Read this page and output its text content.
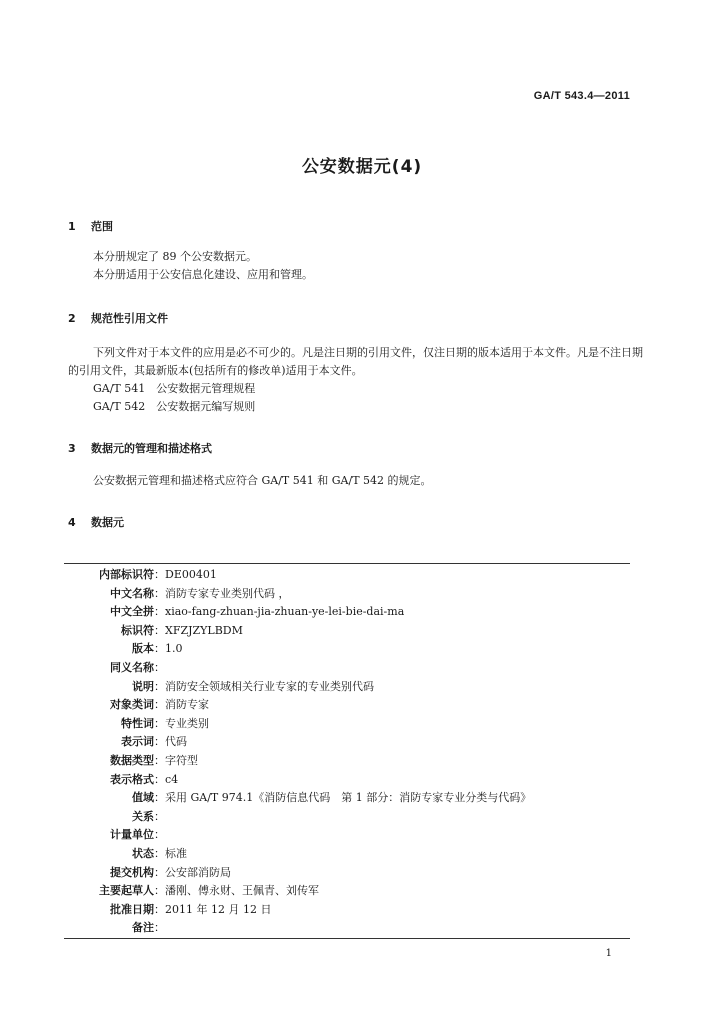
GA/T 543.4—2011
公安数据元(4)
1 范围
本分册规定了 89 个公安数据元。
本分册适用于公安信息化建设、应用和管理。
2 规范性引用文件
下列文件对于本文件的应用是必不可少的。凡是注日期的引用文件，仅注日期的版本适用于本文件。凡是不注日期的引用文件，其最新版本(包括所有的修改单)适用于本文件。
GA/T 541　公安数据元管理规程
GA/T 542　公安数据元编写规则
3 数据元的管理和描述格式
公安数据元管理和描述格式应符合 GA/T 541 和 GA/T 542 的规定。
4 数据元
内部标识符：DE00401
中文名称：消防专家专业类别代码 ，
中文全拼：xiao-fang-zhuan-jia-zhuan-ye-lei-bie-dai-ma
标识符：XFZJZYLBDM
版本：1.0
同义名称：
说明：消防安全领域相关行业专家的专业类别代码
对象类词：消防专家
特性词：专业类别
表示词：代码
数据类型：字符型
表示格式：c4
值域：采用 GA/T 974.1《消防信息代码　第 1 部分：消防专家专业分类与代码》
关系：
计量单位：
状态：标准
提交机构：公安部消防局
主要起草人：潘刚、傅永财、王佩青、刘传军
批准日期：2011 年 12 月 12 日
备注：
1
